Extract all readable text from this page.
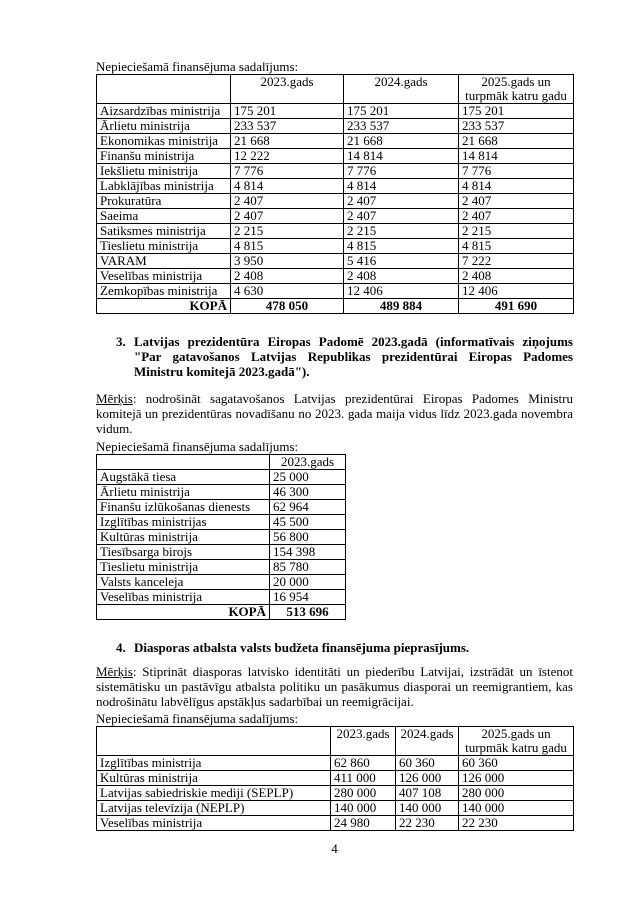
Nepieciešamā finansējuma sadalījums:
	2023.gads	2024.gads	2025.gads un turpmāk katru gadu
Aizsardzības ministrija	175 201	175 201	175 201
Ārlietu ministrija	233 537	233 537	233 537
Ekonomikas ministrija	21 668	21 668	21 668
Finanšu ministrija	12 222	14 814	14 814
Iekšlietu ministrija	7 776	7 776	7 776
Labklājības ministrija	4 814	4 814	4 814
Prokuratūra	2 407	2 407	2 407
Saeima	2 407	2 407	2 407
Satiksmes ministrija	2 215	2 215	2 215
Tieslietu ministrija	4 815	4 815	4 815
VARAM	3 950	5 416	7 222
Veselības ministrija	2 408	2 408	2 408
Zemkopības ministrija	4 630	12 406	12 406
KOPĀ	478 050	489 884	491 690
3. Latvijas prezidentūra Eiropas Padomē 2023.gadā (informatīvais ziņojums "Par gatavošanos Latvijas Republikas prezidentūrai Eiropas Padomes Ministru komitejā 2023.gadā").

Mērķis: nodrošināt sagatavošanos Latvijas prezidentūrai Eiropas Padomes Ministru komitejā un prezidentūras novadīšanu no 2023. gada maija vidus līdz 2023.gada novembra vidum.

Nepieciešamā finansējuma sadalījums:
	2023.gads
Augstākā tiesa	25 000
Ārlietu ministrija	46 300
Finanšu izlūkošanas dienests	62 964
Izglītības ministrijas	45 500
Kultūras ministrija	56 800
Tiesībsarga birojs	154 398
Tieslietu ministrija	85 780
Valsts kanceleja	20 000
Veselības ministrija	16 954
KOPĀ	513 696
4. Diasporas atbalsta valsts budžeta finansējuma pieprasījums.

Mērķis: Stiprināt diasporas latvisko identitāti un piederību Latvijai, izstrādāt un īstenot sistemātisku un pastāvīgu atbalsta politiku un pasākumus diasporai un reemigrantiem, kas nodrošinātu labvēlīgus apstākļus sadarbībai un reemigrācijai.

Nepieciešamā finansējuma sadalījums:
	2023.gads	2024.gads	2025.gads un turpmāk katru gadu
Izglītības ministrija	62 860	60 360	60 360
Kultūras ministrija	411 000	126 000	126 000
Latvijas sabiedriskie mediji (SEPLP)	280 000	407 108	280 000
Latvijas televīzija (NEPLP)	140 000	140 000	140 000
Veselības ministrija	24 980	22 230	22 230
4
